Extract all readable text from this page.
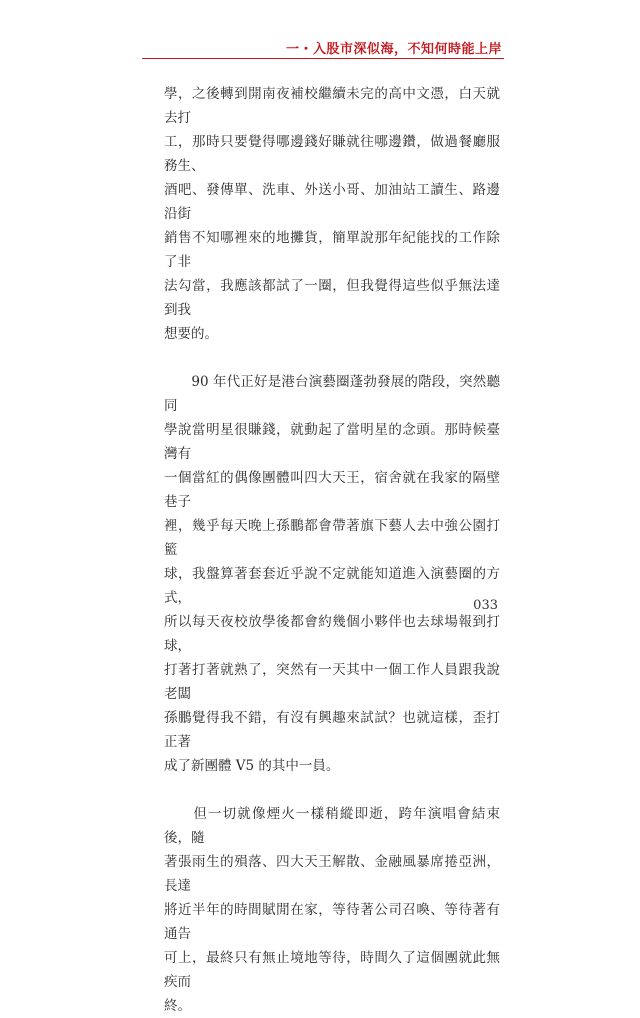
一・入股市深似海，不知何時能上岸

學，之後轉到開南夜補校繼續未完的高中文憑，白天就去打
工，那時只要覺得哪邊錢好賺就往哪邊鑽，做過餐廳服務生、
酒吧、發傳單、洗車、外送小哥、加油站工讀生、路邊沿街
銷售不知哪裡來的地攤貨，簡單說那年紀能找的工作除了非
法勾當，我應該都試了一圈，但我覺得這些似乎無法達到我
想要的。

　　90 年代正好是港台演藝圈蓬勃發展的階段，突然聽同
學說當明星很賺錢，就動起了當明星的念頭。那時候臺灣有
一個當紅的偶像團體叫四大天王，宿舍就在我家的隔壁巷子
裡，幾乎每天晚上孫鵬都會帶著旗下藝人去中強公園打籃
球，我盤算著套套近乎說不定就能知道進入演藝圈的方式，
所以每天夜校放學後都會約幾個小夥伴也去球場報到打球，
打著打著就熟了，突然有一天其中一個工作人員跟我說老闆
孫鵬覺得我不錯，有沒有興趣來試試？也就這樣，歪打正著
成了新團體 V5 的其中一員。

　　但一切就像煙火一樣稍縱即逝，跨年演唱會結束後，隨
著張雨生的殞落、四大天王解散、金融風暴席捲亞洲，長達
將近半年的時間賦閒在家，等待著公司召喚、等待著有通告
可上，最終只有無止境地等待，時間久了這個團就此無疾而
終。

033
